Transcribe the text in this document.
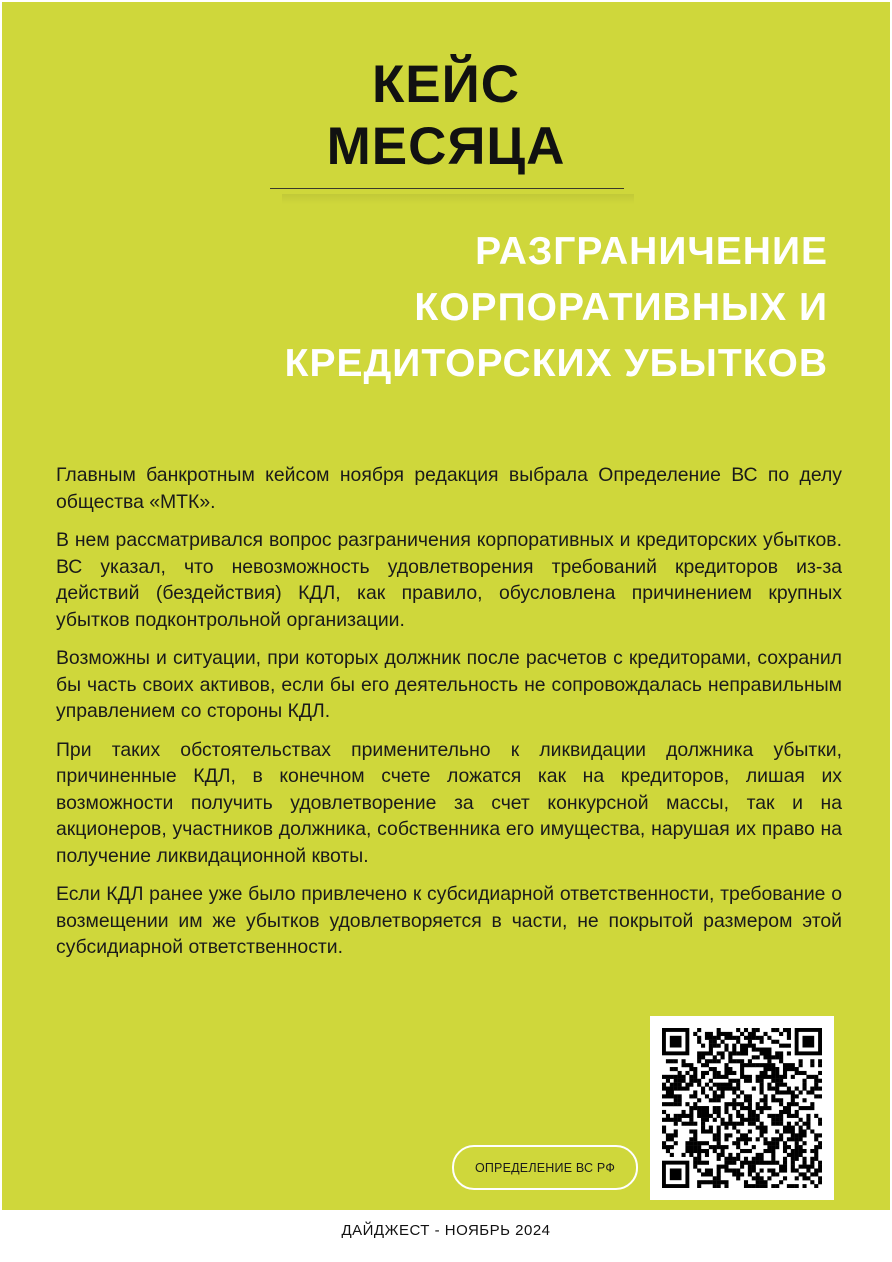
КЕЙС
МЕСЯЦА
РАЗГРАНИЧЕНИЕ
КОРПОРАТИВНЫХ И
КРЕДИТОРСКИХ УБЫТКОВ

Главным банкротным кейсом ноября редакция выбрала Определение ВС по делу общества «МТК».

В нем рассматривался вопрос разграничения корпоративных и кредиторских убытков. ВС указал, что невозможность удовлетворения требований кредиторов из-за действий (бездействия) КДЛ, как правило, обусловлена причинением крупных убытков подконтрольной организации.

Возможны и ситуации, при которых должник после расчетов с кредиторами, сохранил бы часть своих активов, если бы его деятельность не сопровождалась неправильным управлением со стороны КДЛ.

При таких обстоятельствах применительно к ликвидации должника убытки, причиненные КДЛ, в конечном счете ложатся как на кредиторов, лишая их возможности получить удовлетворение за счет конкурсной массы, так и на акционеров, участников должника, собственника его имущества, нарушая их право на получение ликвидационной квоты.

Если КДЛ ранее уже было привлечено к субсидиарной ответственности, требование о возмещении им же убытков удовлетворяется в части, не покрытой размером этой субсидиарной ответственности.

ОПРЕДЕЛЕНИЕ ВС РФ
ДАЙДЖЕСТ - НОЯБРЬ 2024
